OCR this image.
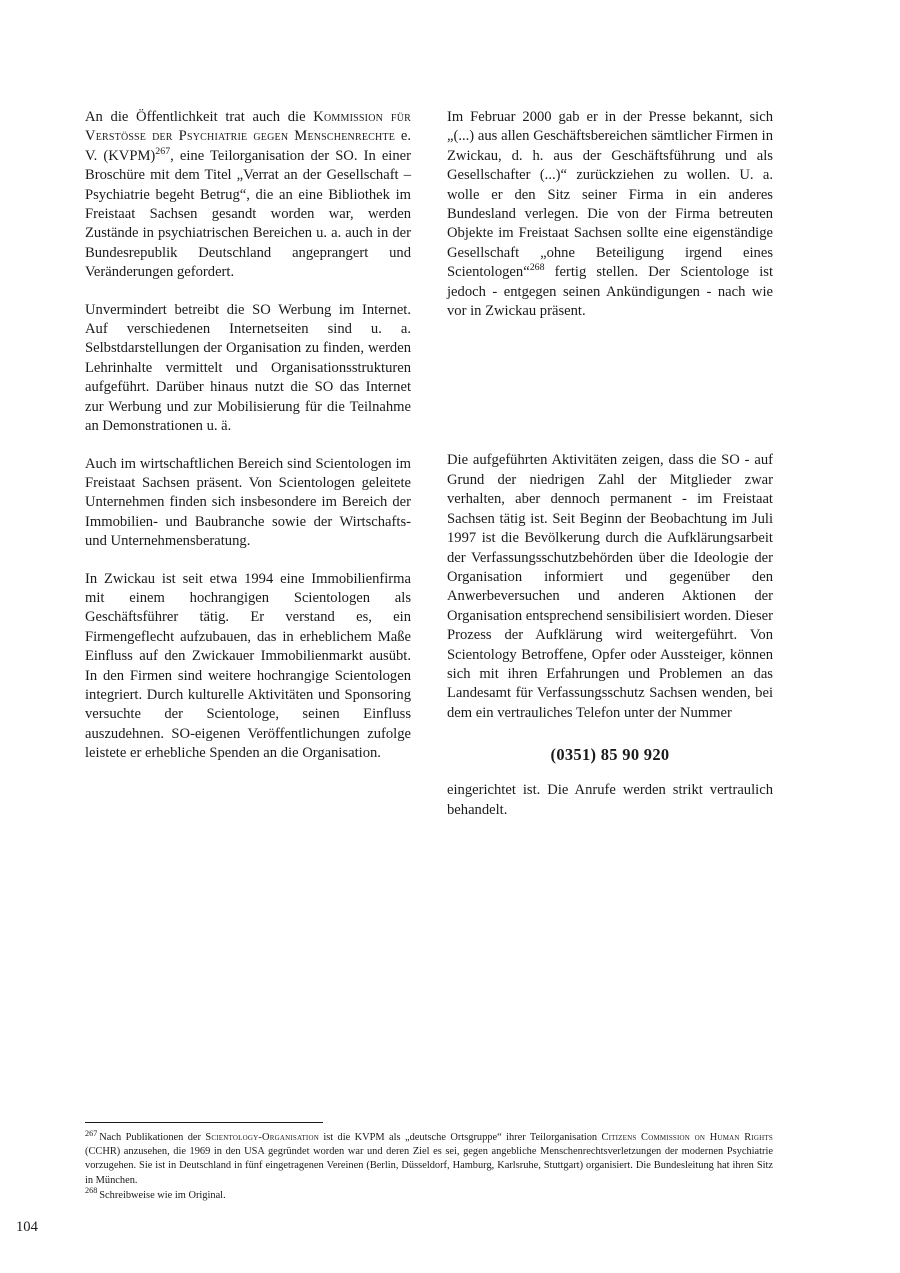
An die Öffentlichkeit trat auch die Kommission für Verstöße der Psychiatrie gegen Menschenrechte e. V. (KVPM)$^{267}$, eine Teilorganisation der SO. In einer Broschüre mit dem Titel „Verrat an der Gesellschaft – Psychiatrie begeht Betrug“, die an eine Bibliothek im Freistaat Sachsen gesandt worden war, werden Zustände in psychiatrischen Bereichen u. a. auch in der Bundesrepublik Deutschland angeprangert und Veränderungen gefordert.

Unvermindert betreibt die SO Werbung im Internet. Auf verschiedenen Internetseiten sind u. a. Selbstdarstellungen der Organisation zu finden, werden Lehrinhalte vermittelt und Organisationsstrukturen aufgeführt. Darüber hinaus nutzt die SO das Internet zur Werbung und zur Mobilisierung für die Teilnahme an Demonstrationen u. ä.

Auch im wirtschaftlichen Bereich sind Scientologen im Freistaat Sachsen präsent. Von Scientologen geleitete Unternehmen finden sich insbesondere im Bereich der Immobilien- und Baubranche sowie der Wirtschafts- und Unternehmensberatung.

In Zwickau ist seit etwa 1994 eine Immobilienfirma mit einem hochrangigen Scientologen als Geschäftsführer tätig. Er verstand es, ein Firmengeflecht aufzubauen, das in erheblichem Maße Einfluss auf den Zwickauer Immobilienmarkt ausübt. In den Firmen sind weitere hochrangige Scientologen integriert. Durch kulturelle Aktivitäten und Sponsoring versuchte der Scientologe, seinen Einfluss auszudehnen. SO-eigenen Veröffentlichungen zufolge leistete er erhebliche Spenden an die Organisation.

Im Februar 2000 gab er in der Presse bekannt, sich „(...) aus allen Geschäftsbereichen sämtlicher Firmen in Zwickau, d. h. aus der Geschäftsführung und als Gesellschafter (...)“ zurückziehen zu wollen. U. a. wolle er den Sitz seiner Firma in ein anderes Bundesland verlegen. Die von der Firma betreuten Objekte im Freistaat Sachsen sollte eine eigenständige Gesellschaft „ohne Beteiligung irgend eines Scientologen“$^{268}$ fertig stellen. Der Scientologe ist jedoch - entgegen seinen Ankündigungen - nach wie vor in Zwickau präsent.

Die aufgeführten Aktivitäten zeigen, dass die SO - auf Grund der niedrigen Zahl der Mitglieder zwar verhalten, aber dennoch permanent - im Freistaat Sachsen tätig ist. Seit Beginn der Beobachtung im Juli 1997 ist die Bevölkerung durch die Aufklärungsarbeit der Verfassungsschutzbehörden über die Ideologie der Organisation informiert und gegenüber den Anwerbeversuchen und anderen Aktionen der Organisation entsprechend sensibilisiert worden. Dieser Prozess der Aufklärung wird weitergeführt. Von Scientology Betroffene, Opfer oder Aussteiger, können sich mit ihren Erfahrungen und Problemen an das Landesamt für Verfassungsschutz Sachsen wenden, bei dem ein vertrauliches Telefon unter der Nummer

(0351) 85 90 920

eingerichtet ist. Die Anrufe werden strikt vertraulich behandelt.

$^{267}$ Nach Publikationen der Scientology-Organisation ist die KVPM als „deutsche Ortsgruppe“ ihrer Teilorganisation Citizens Commission on Human Rights (CCHR) anzusehen, die 1969 in den USA gegründet worden war und deren Ziel es sei, gegen angebliche Menschenrechtsverletzungen der modernen Psychiatrie vorzugehen. Sie ist in Deutschland in fünf eingetragenen Vereinen (Berlin, Düsseldorf, Hamburg, Karlsruhe, Stuttgart) organisiert. Die Bundesleitung hat ihren Sitz in München.

$^{268}$ Schreibweise wie im Original.

104
